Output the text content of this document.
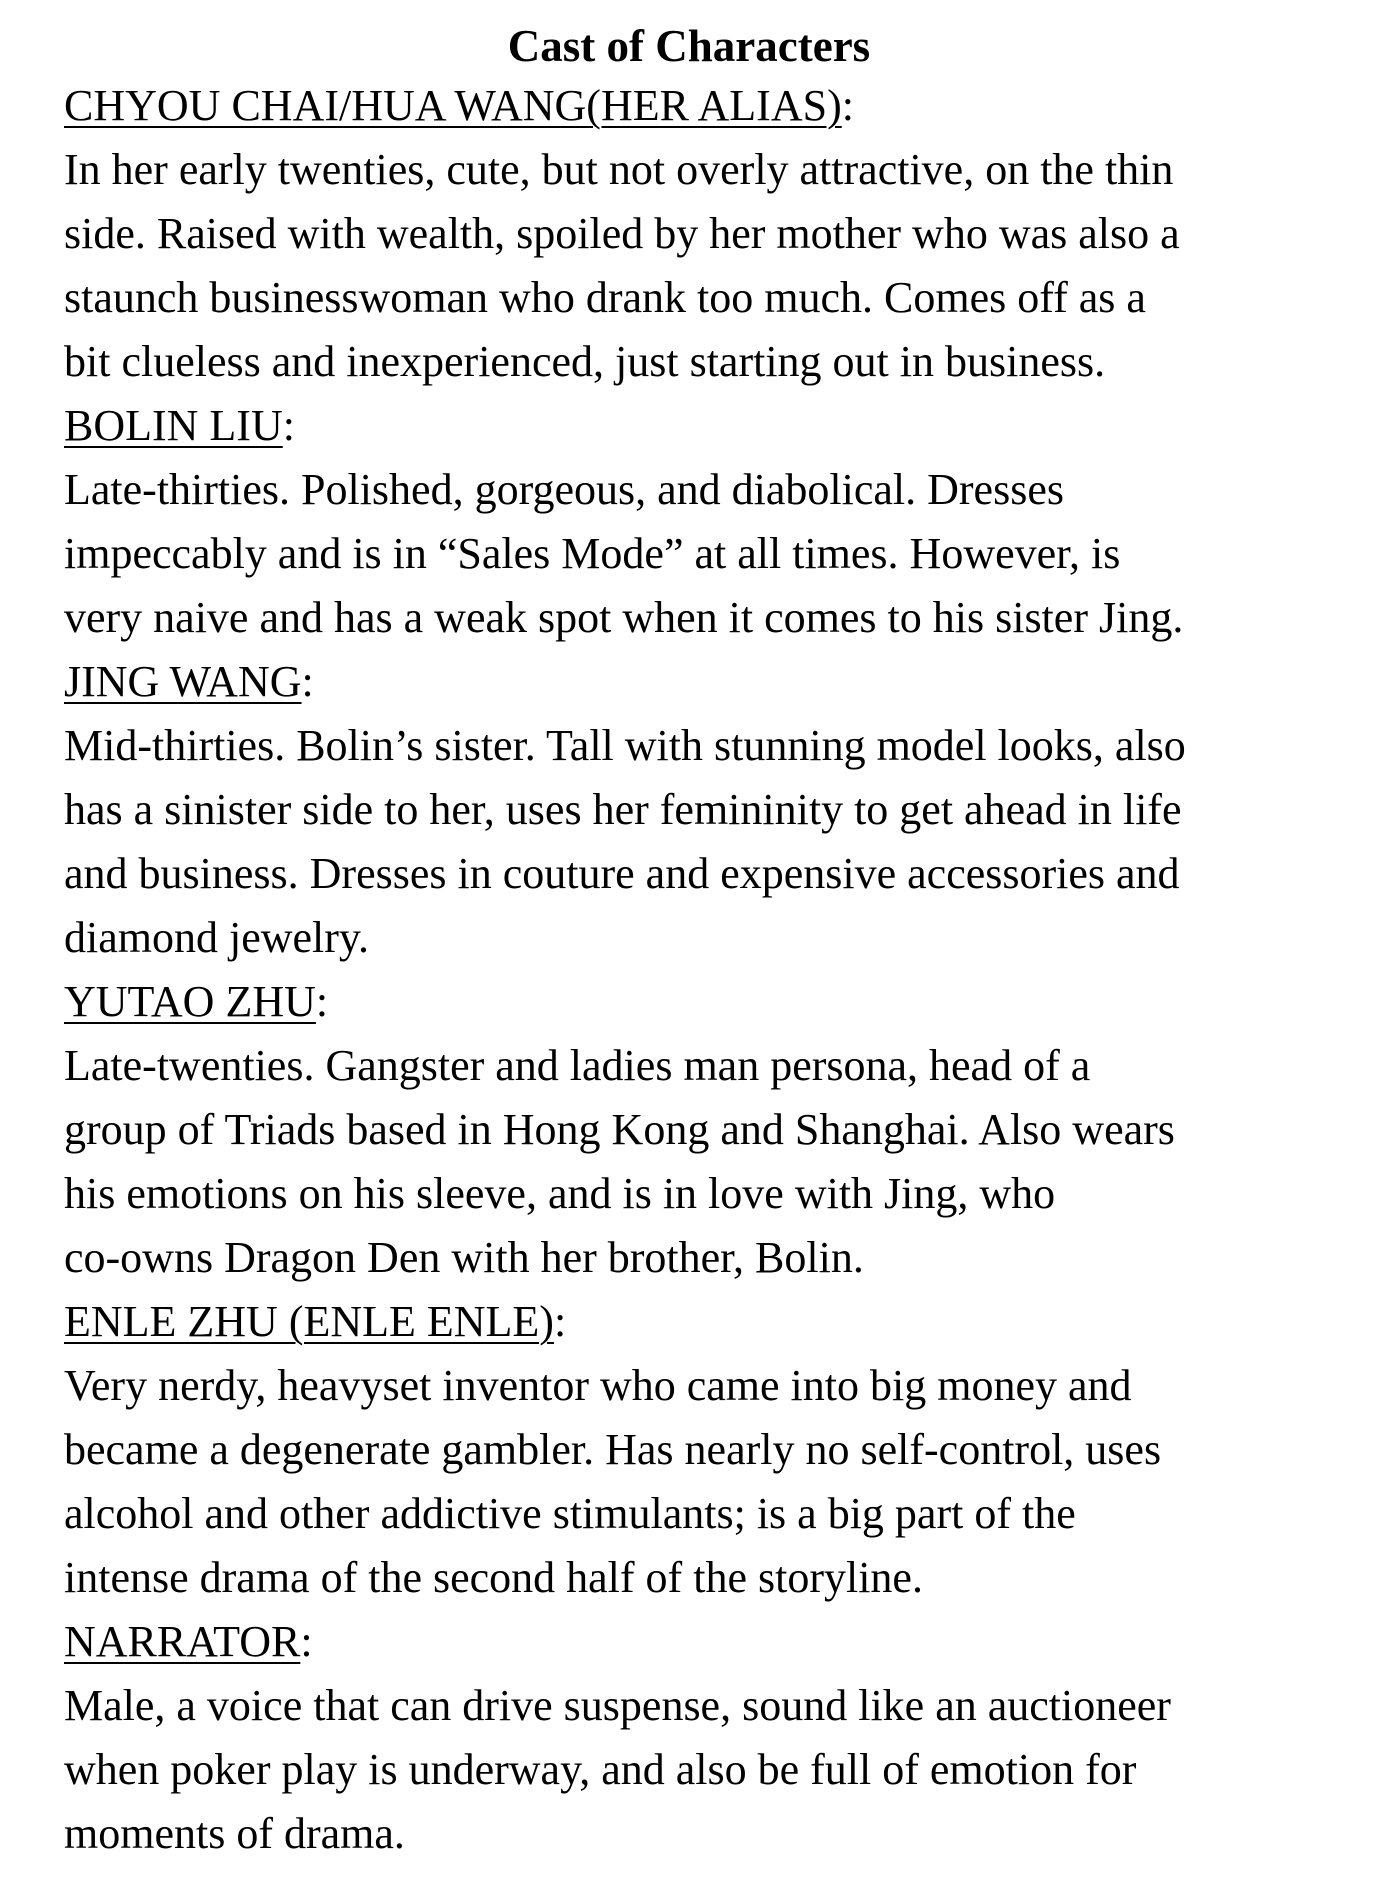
Cast of Characters
CHYOU CHAI/HUA WANG(HER ALIAS):
In her early twenties, cute, but not overly attractive, on the thin
side. Raised with wealth, spoiled by her mother who was also a
staunch businesswoman who drank too much. Comes off as a
bit clueless and inexperienced, just starting out in business.
BOLIN LIU:
Late-thirties. Polished, gorgeous, and diabolical. Dresses
impeccably and is in “Sales Mode” at all times. However, is
very naive and has a weak spot when it comes to his sister Jing.
JING WANG:
Mid-thirties. Bolin’s sister. Tall with stunning model looks, also
has a sinister side to her, uses her femininity to get ahead in life
and business. Dresses in couture and expensive accessories and
diamond jewelry.
YUTAO ZHU:
Late-twenties. Gangster and ladies man persona, head of a
group of Triads based in Hong Kong and Shanghai. Also wears
his emotions on his sleeve, and is in love with Jing, who
co-owns Dragon Den with her brother, Bolin.
ENLE ZHU (ENLE ENLE):
Very nerdy, heavyset inventor who came into big money and
became a degenerate gambler. Has nearly no self-control, uses
alcohol and other addictive stimulants; is a big part of the
intense drama of the second half of the storyline.
NARRATOR:
Male, a voice that can drive suspense, sound like an auctioneer
when poker play is underway, and also be full of emotion for
moments of drama.
